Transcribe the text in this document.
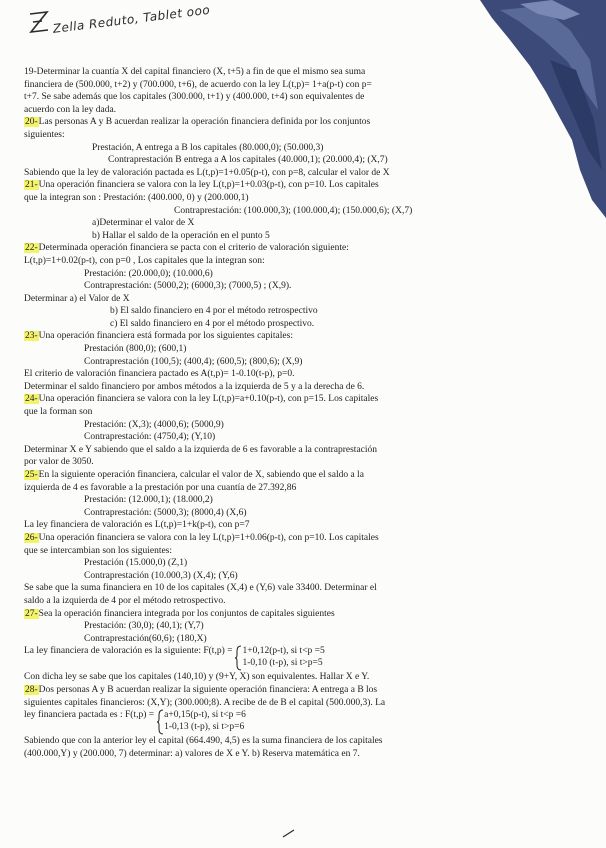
Zella Reduto, Tablet ooo
19-Determinar la cuantía X del capital financiero (X, t+5) a fin de que el mismo sea suma
financiera de (500.000, t+2) y (700.000, t+6), de acuerdo con la ley L(t,p)= 1+a(p-t) con p=
t+7. Se sabe además que los capitales (300.000, t+1) y (400.000, t+4) son equivalentes de
acuerdo con la ley dada.
20-Las personas A y B acuerdan realizar la operación financiera definida por los conjuntos
siguientes:
Prestación, A entrega a B los capitales (80.000,0); (50.000,3)
Contraprestación B entrega a A los capitales (40.000,1); (20.000,4); (X,7)
Sabiendo que la ley de valoración pactada es L(t,p)=1+0.05(p-t), con p=8, calcular el valor de X
21-Una operación financiera se valora con la ley L(t,p)=1+0.03(p-t), con p=10. Los capitales
que la integran son : Prestación: (400.000, 0) y (200.000,1)
Contraprestación: (100.000,3); (100.000,4); (150.000,6); (X,7)
a)Determinar el valor de X
b) Hallar el saldo de la operación en el punto 5
22-Determinada operación financiera se pacta con el criterio de valoración siguiente:
L(t,p)=1+0.02(p-t), con p=0 , Los capitales que la integran son:
Prestación: (20.000,0); (10.000,6)
Contraprestación: (5000,2); (6000,3); (7000,5) ; (X,9).
Determinar a) el Valor de X
b) El saldo financiero en 4 por el método retrospectivo
c) El saldo financiero en 4 por el método prospectivo.
23-Una operación financiera está formada por los siguientes capitales:
Prestación (800,0); (600,1)
Contraprestación (100,5); (400,4); (600,5); (800,6); (X,9)
El criterio de valoración financiera pactado es A(t,p)= 1-0.10(t-p), p=0.
Determinar el saldo financiero por ambos métodos a la izquierda de 5 y a la derecha de 6.
24-Una operación financiera se valora con la ley L(t,p)=a+0.10(p-t), con p=15. Los capitales
que la forman son
Prestación: (X,3); (4000,6); (5000,9)
Contraprestación: (4750,4); (Y,10)
Determinar X e Y sabiendo que el saldo a la izquierda de 6 es favorable a la contraprestación
por valor de 3050.
25-En la siguiente operación financiera, calcular el valor de X, sabiendo que el saldo a la
izquierda de 4 es favorable a la prestación por una cuantía de 27.392,86
Prestación: (12.000,1); (18.000,2)
Contraprestación: (5000,3); (8000,4) (X,6)
La ley financiera de valoración es L(t,p)=1+k(p-t), con p=7
26-Una operación financiera se valora con la ley L(t,p)=1+0.06(p-t), con p=10. Los capitales
que se intercambian son los siguientes:
Prestación (15.000,0) (Z,1)
Contraprestación (10.000,3) (X,4); (Y,6)
Se sabe que la suma financiera en 10 de los capitales (X,4) e (Y,6) vale 33400. Determinar el
saldo a la izquierda de 4 por el método retrospectivo.
27-Sea la operación financiera integrada por los conjuntos de capitales siguientes
Prestación: (30,0); (40,1); (Y,7)
Contraprestación(60,6); (180,X)
La ley financiera de valoración es la siguiente: F(t,p) = 1+0,12(p-t), si t<p =5
1-0,10 (t-p), si t>p=5
Con dicha ley se sabe que los capitales (140,10) y (9+Y, X) son equivalentes. Hallar X e Y.
28-Dos personas A y B acuerdan realizar la siguiente operación financiera: A entrega a B los
siguientes capitales financieros: (X,Y); (300.000;8). A recibe de de B el capital (500.000,3). La
ley financiera pactada es : F(t,p) = a+0,15(p-t), si t<p =6
1-0,13 (t-p), si t>p=6
Sabiendo que con la anterior ley el capital (664.490, 4,5) es la suma financiera de los capitales
(400.000,Y) y (200.000, 7) determinar: a) valores de X e Y. b) Reserva matemática en 7.
